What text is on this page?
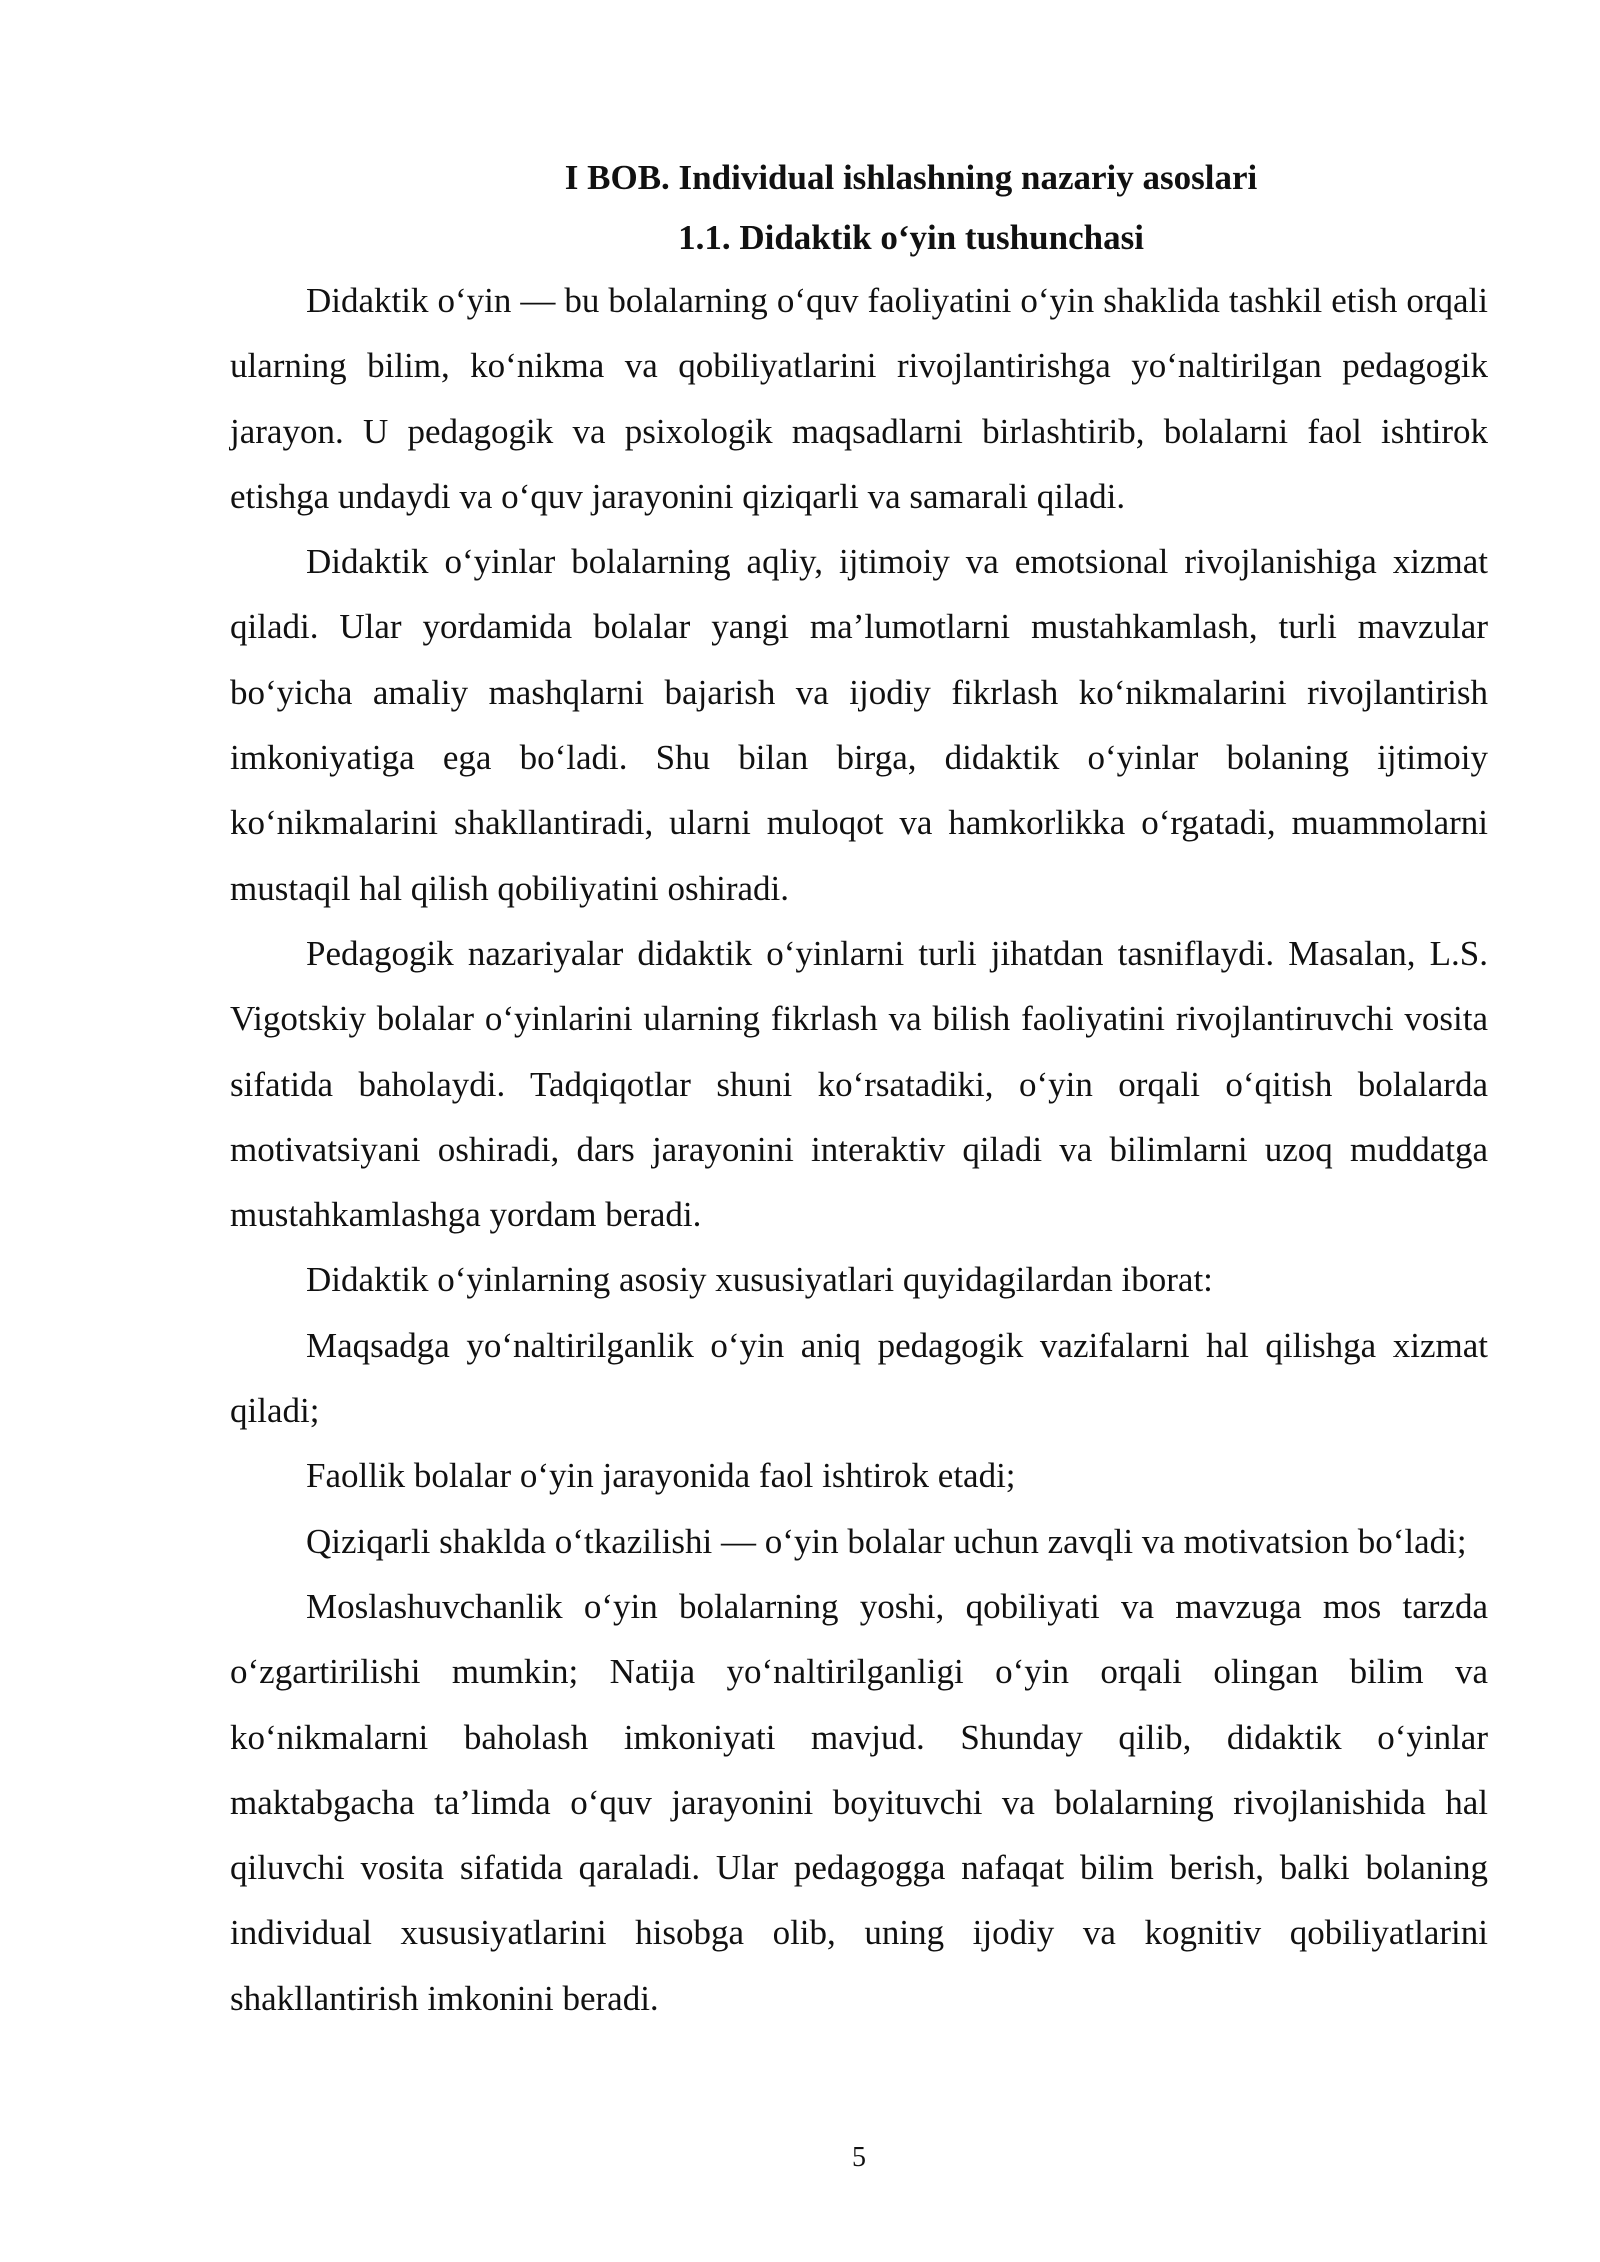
I BOB. Individual ishlashning nazariy asoslari
1.1. Didaktik oʻyin tushunchasi

Didaktik oʻyin — bu bolalarning oʻquv faoliyatini oʻyin shaklida tashkil etish orqali ularning bilim, koʻnikma va qobiliyatlarini rivojlantirishga yoʻnaltirilgan pedagogik jarayon. U pedagogik va psixologik maqsadlarni birlashtirib, bolalarni faol ishtirok etishga undaydi va oʻquv jarayonini qiziqarli va samarali qiladi.

Didaktik oʻyinlar bolalarning aqliy, ijtimoiy va emotsional rivojlanishiga xizmat qiladi. Ular yordamida bolalar yangi ma’lumotlarni mustahkamlash, turli mavzular boʻyicha amaliy mashqlarni bajarish va ijodiy fikrlash koʻnikmalarini rivojlantirish imkoniyatiga ega boʻladi. Shu bilan birga, didaktik oʻyinlar bolaning ijtimoiy koʻnikmalarini shakllantiradi, ularni muloqot va hamkorlikka oʻrgatadi, muammolarni mustaqil hal qilish qobiliyatini oshiradi.

Pedagogik nazariyalar didaktik oʻyinlarni turli jihatdan tasniflaydi. Masalan, L.S. Vigotskiy bolalar oʻyinlarini ularning fikrlash va bilish faoliyatini rivojlantiruvchi vosita sifatida baholaydi. Tadqiqotlar shuni koʻrsatadiki, oʻyin orqali oʻqitish bolalarda motivatsiyani oshiradi, dars jarayonini interaktiv qiladi va bilimlarni uzoq muddatga mustahkamlashga yordam beradi.

Didaktik oʻyinlarning asosiy xususiyatlari quyidagilardan iborat:

Maqsadga yoʻnaltirilganlik oʻyin aniq pedagogik vazifalarni hal qilishga xizmat qiladi;

Faollik bolalar oʻyin jarayonida faol ishtirok etadi;

Qiziqarli shaklda oʻtkazilishi — oʻyin bolalar uchun zavqli va motivatsion boʻladi;

Moslashuvchanlik oʻyin bolalarning yoshi, qobiliyati va mavzuga mos tarzda oʻzgartirilishi mumkin; Natija yoʻnaltirilganligi oʻyin orqali olingan bilim va koʻnikmalarni baholash imkoniyati mavjud. Shunday qilib, didaktik oʻyinlar maktabgacha ta’limda oʻquv jarayonini boyituvchi va bolalarning rivojlanishida hal qiluvchi vosita sifatida qaraladi. Ular pedagogga nafaqat bilim berish, balki bolaning individual xususiyatlarini hisobga olib, uning ijodiy va kognitiv qobiliyatlarini shakllantirish imkonini beradi.

5
